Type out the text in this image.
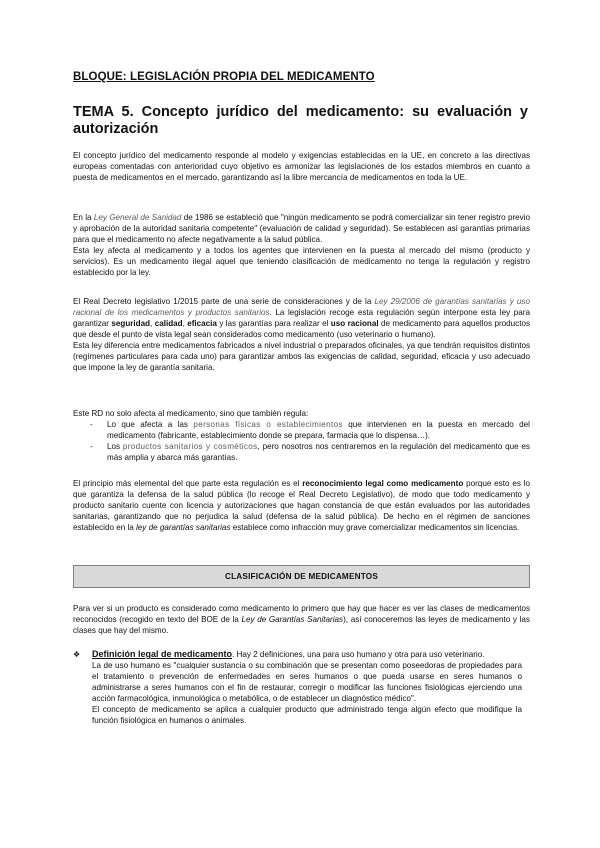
BLOQUE: LEGISLACIÓN PROPIA DEL MEDICAMENTO
TEMA 5. Concepto jurídico del medicamento: su evaluación y autorización

El concepto jurídico del medicamento responde al modelo y exigencias establecidas en la UE, en concreto a las directivas europeas comentadas con anterioridad cuyo objetivo es armonizar las legislaciones de los estados miembros en cuanto a puesta de medicamentos en el mercado, garantizando así la libre mercancía de medicamentos en toda la UE.

En la Ley General de Sanidad de 1986 se estableció que "ningún medicamento se podrá comercializar sin tener registro previo y aprobación de la autoridad sanitaria competente" (evaluación de calidad y seguridad). Se establecen así garantías primarias para que el medicamento no afecte negativamente a la salud pública.

Esta ley afecta al medicamento y a todos los agentes que intervienen en la puesta al mercado del mismo (producto y servicios). Es un medicamento ilegal aquel que teniendo clasificación de medicamento no tenga la regulación y registro establecido por la ley.

El Real Decreto legislativo 1/2015 parte de una serie de consideraciones y de la Ley 29/2006 de garantías sanitarias y uso racional de los medicamentos y productos sanitarios. La legislación recoge esta regulación según interpone esta ley para garantizar seguridad, calidad, eficacia y las garantías para realizar el uso racional de medicamento para aquellos productos que desde el punto de vista legal sean considerados como medicamento (uso veterinario o humano).

Esta ley diferencia entre medicamentos fabricados a nivel industrial o preparados oficinales, ya que tendrán requisitos distintos (regímenes particulares para cada uno) para garantizar ambos las exigencias de calidad, seguridad, eficacia y uso adecuado que impone la ley de garantía sanitaria.

Este RD no solo afecta al medicamento, sino que también regula:

- Lo que afecta a las personas físicas o establecimientos que intervienen en la puesta en mercado del medicamento (fabricante, establecimiento donde se prepara, farmacia que lo dispensa…).
- Los productos sanitarios y cosméticos, pero nosotros nos centraremos en la regulación del medicamento que es más amplia y abarca más garantías.

El principio más elemental del que parte esta regulación es el reconocimiento legal como medicamento porque esto es lo que garantiza la defensa de la salud pública (lo recoge el Real Decreto Legislativo), de modo que todo medicamento y producto sanitario cuente con licencia y autorizaciones que hagan constancia de que están evaluados por las autoridades sanitarias, garantizando que no perjudica la salud (defensa de la salud pública). De hecho en el régimen de sanciones establecido en la ley de garantías sanitarias establece como infracción muy grave comercializar medicamentos sin licencias.

CLASIFICACIÓN DE MEDICAMENTOS

Para ver si un producto es considerado como medicamento lo primero que hay que hacer es ver las clases de medicamentos reconocidos (recogido en texto del BOE de la Ley de Garantías Sanitarias), así conoceremos las leyes de medicamento y las clases que hay del mismo.

❖ Definición legal de medicamento. Hay 2 definiciones, una para uso humano y otra para uso veterinario.

La de uso humano es "cualquier sustancia o su combinación que se presentan como poseedoras de propiedades para el tratamiento o prevención de enfermedades en seres humanos o que pueda usarse en seres humanos o administrarse a seres humanos con el fin de restaurar, corregir o modificar las funciones fisiológicas ejerciendo una acción farmacológica, inmunológica o metabólica, o de establecer un diagnóstico médico".

El concepto de medicamento se aplica a cualquier producto que administrado tenga algún efecto que modifique la función fisiológica en humanos o animales.
